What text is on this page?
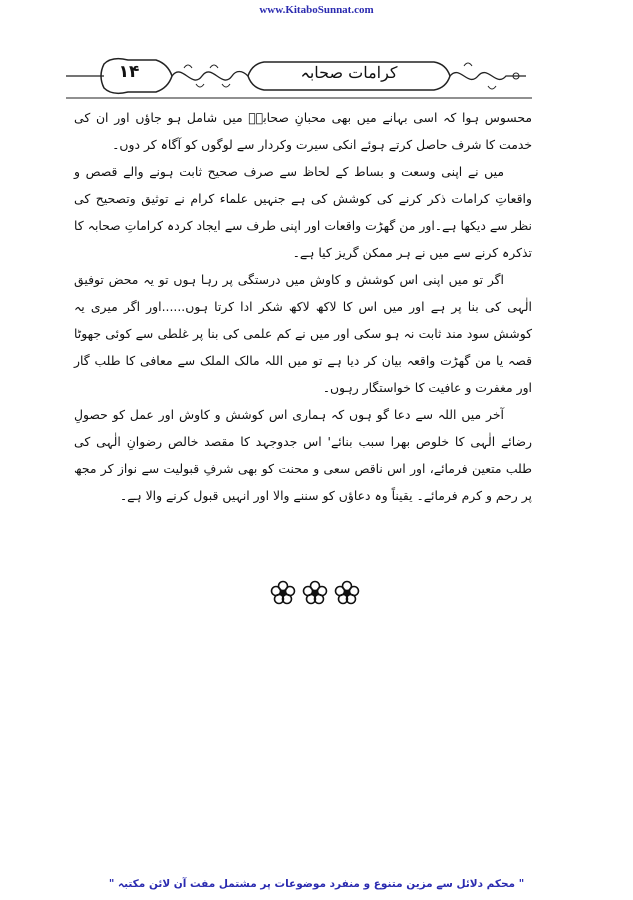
www.KitaboSunnat.com
۱۴	کرامات صحابہ

محسوس ہوا کہ اسی بہانے میں بھی محبانِ صحابہؓ میں شامل ہو جاؤں اور ان کی خدمت کا شرف حاصل کرتے ہوئے انکی سیرت وکردار سے لوگوں کو آگاہ کر دوں۔

میں نے اپنی وسعت و بساط کے لحاظ سے صرف صحیح ثابت ہونے والے قصص و واقعاتِ کرامات ذکر کرنے کی کوشش کی ہے جنہیں علماء کرام نے توثیق وتصحیح کی نظر سے دیکھا ہے۔اور من گھڑت واقعات اور اپنی طرف سے ایجاد کردہ کراماتِ صحابہ کا تذکرہ کرنے سے میں نے ہر ممکن گریز کیا ہے۔

اگر تو میں اپنی اس کوشش و کاوش میں درستگی پر رہا ہوں تو یہ محض توفیق الٰہی کی بنا پر ہے اور میں اس کا لاکھ لاکھ شکر ادا کرتا ہوں......اور اگر میری یہ کوشش سود مند ثابت نہ ہو سکی اور میں نے کم علمی کی بنا پر غلطی سے کوئی جھوٹا قصہ یا من گھڑت واقعہ بیان کر دیا ہے تو میں اللہ مالک الملک سے معافی کا طلب گار اور مغفرت و عافیت کا خواستگار رہوں۔

آخر میں اللہ سے دعا گو ہوں کہ ہماری اس کوشش و کاوش اور عمل کو حصولِ رضائے الٰہی کا خلوص بھرا سبب بنائے' اس جدوجہد کا مقصد خالص رضوانِ الٰہی کی طلب متعین فرمائے، اور اس ناقص سعی و محنت کو بھی شرفِ قبولیت سے نواز کر مجھ پر رحم و کرم فرمائے۔ یقیناً وہ دعاؤں کو سننے والا اور انہیں قبول کرنے والا ہے۔

" محکم دلائل سے مزین متنوع و منفرد موضوعات پر مشتمل مفت آن لائن مکتبہ "
